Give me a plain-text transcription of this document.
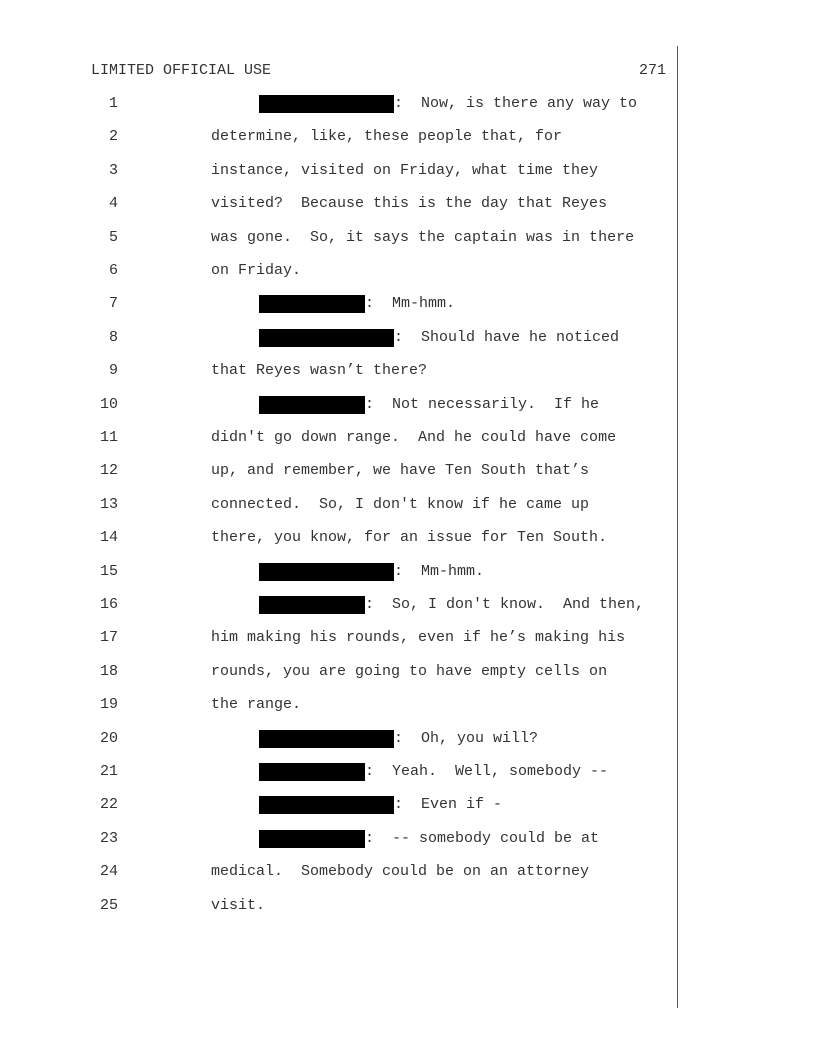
LIMITED OFFICIAL USE	271
1	:  Now, is there any way to
2	determine, like, these people that, for
3	instance, visited on Friday, what time they
4	visited?  Because this is the day that Reyes
5	was gone.  So, it says the captain was in there
6	on Friday.
7	:  Mm-hmm.
8	:  Should have he noticed
9	that Reyes wasn’t there?
10	:  Not necessarily.  If he
11	didn't go down range.  And he could have come
12	up, and remember, we have Ten South that’s
13	connected.  So, I don't know if he came up
14	there, you know, for an issue for Ten South.
15	:  Mm-hmm.
16	:  So, I don't know.  And then,
17	him making his rounds, even if he’s making his
18	rounds, you are going to have empty cells on
19	the range.
20	:  Oh, you will?
21	:  Yeah.  Well, somebody --
22	:  Even if -
23	:  -- somebody could be at
24	medical.  Somebody could be on an attorney
25	visit.
